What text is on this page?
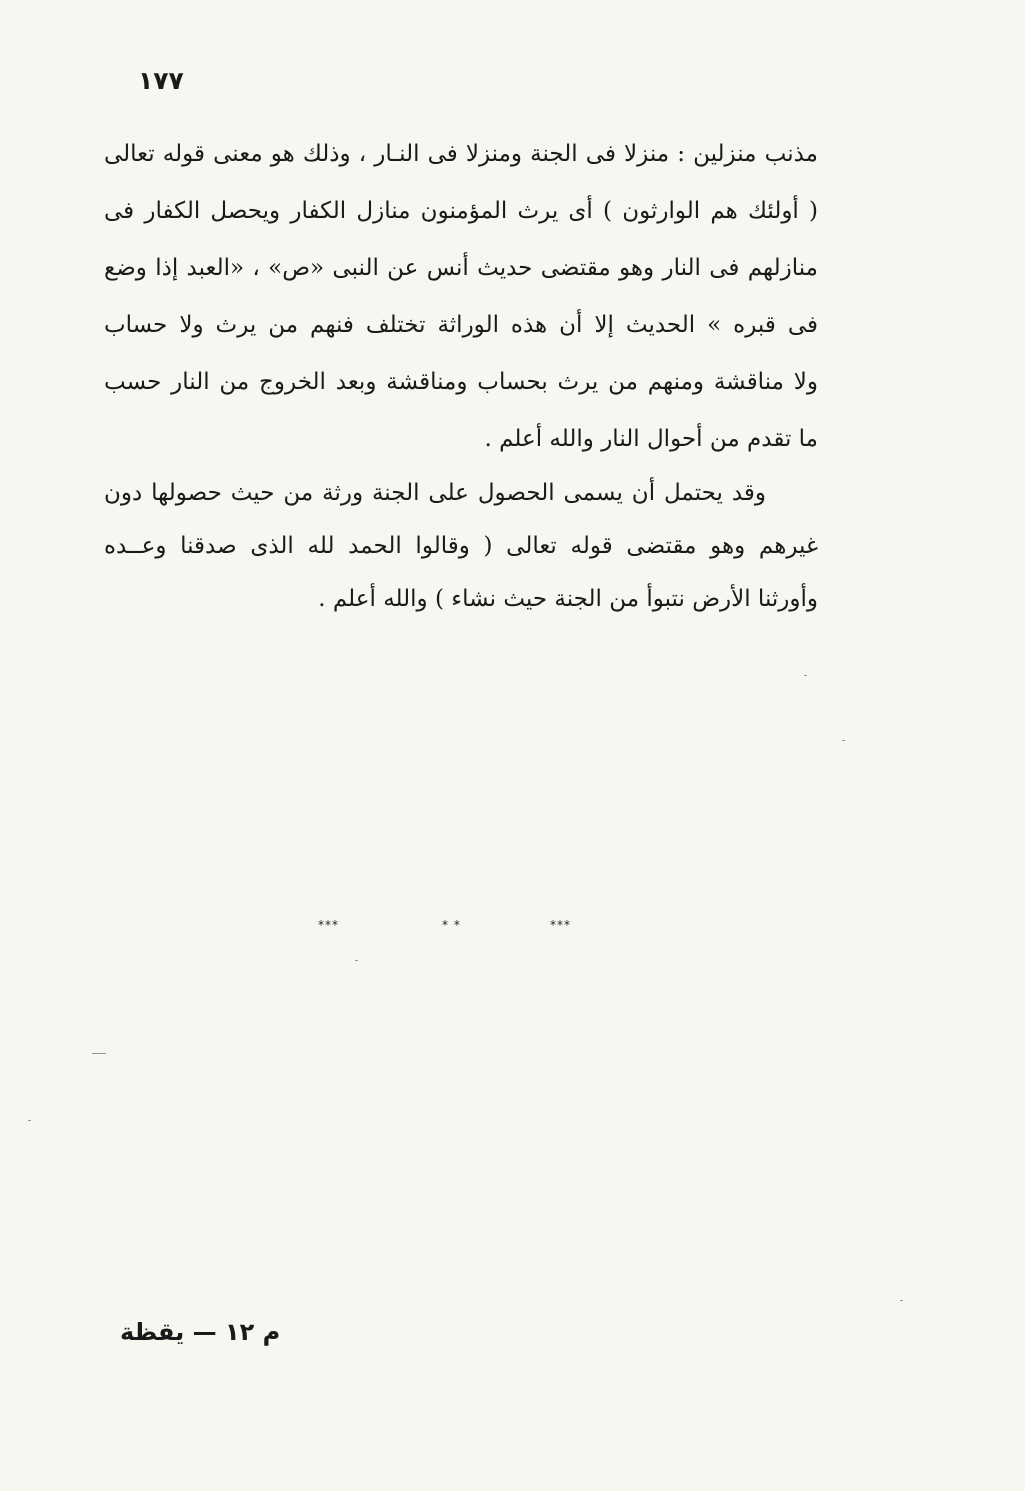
١٧٧
مذنب منزلين : منزلا فى الجنة ومنزلا فى النـار ، وذلك هو معنى قوله تعالى
( أولئك هم الوارثون ) أى يرث المؤمنون منازل الكفار ويحصل الكفار فى
منازلهم فى النار وهو مقتضى حديث أنس عن النبى «ص» ، «العبد إذا وضع
فى قبره » الحديث إلا أن هذه الوراثة تختلف فنهم من يرث ولا حساب
ولا مناقشة ومنهم من يرث بحساب ومناقشة وبعد الخروج من النار حسب
ما تقدم من أحوال النار والله أعلم .
وقد يحتمل أن يسمى الحصول على الجنة ورثة من حيث حصولها دون
غيرهم وهو مقتضى قوله تعالى ( وقالوا الحمد لله الذى صدقنا وعــده
وأورثنا الأرض نتبوأ من الجنة حيث نشاء ) والله أعلم .
***	* *	***
م ١٢ — يقظة
